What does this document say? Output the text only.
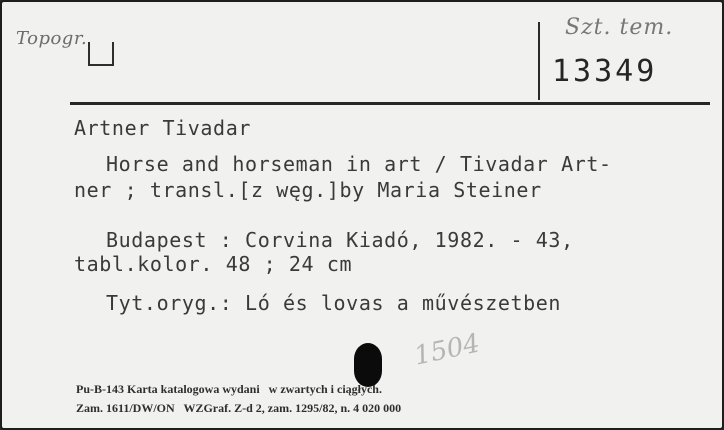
Topogr.	Szt. tem.
13349
Artner Tivadar
Horse and horseman in art / Tivadar Art-
ner ; transl.[z węg.]by Maria Steiner
Budapest : Corvina Kiadó, 1982. - 43,
tabl.kolor. 48 ; 24 cm
Tyt.oryg.: Ló és lovas a művészetben
1504
Pu-B-143 Karta katalogowa wydani   w zwartych i ciągłych.
Zam. 1611/DW/ON   WZGraf. Z-d 2, zam. 1295/82, n. 4 020 000
